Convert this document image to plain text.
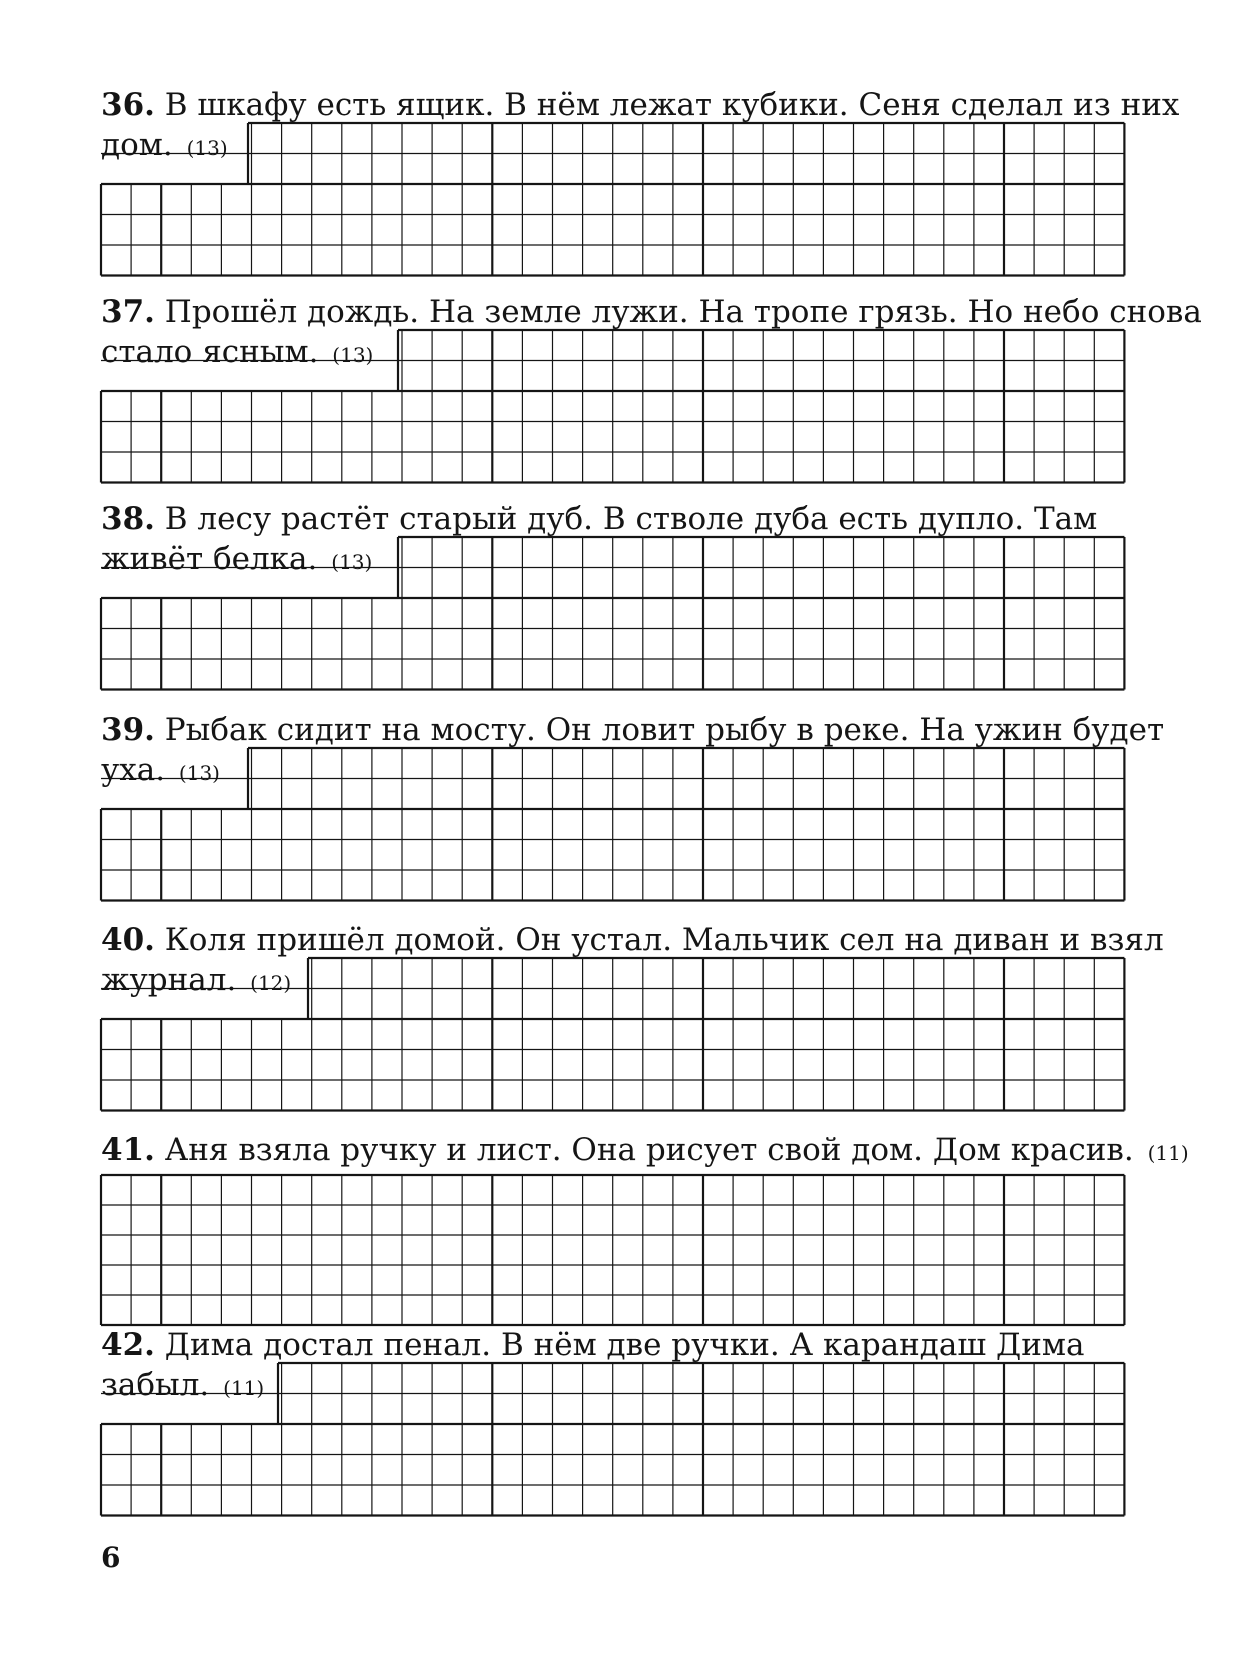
36. В шкафу есть ящик. В нём лежат кубики. Сеня сделал из них
дом. (13)
37. Прошёл дождь. На земле лужи. На тропе грязь. Но небо снова
стало ясным. (13)
38. В лесу растёт старый дуб. В стволе дуба есть дупло. Там
живёт белка. (13)
39. Рыбак сидит на мосту. Он ловит рыбу в реке. На ужин будет
уха. (13)
40. Коля пришёл домой. Он устал. Мальчик сел на диван и взял
журнал. (12)
41. Аня взяла ручку и лист. Она рисует свой дом. Дом красив. (11)
42. Дима достал пенал. В нём две ручки. А карандаш Дима
забыл. (11)
6
